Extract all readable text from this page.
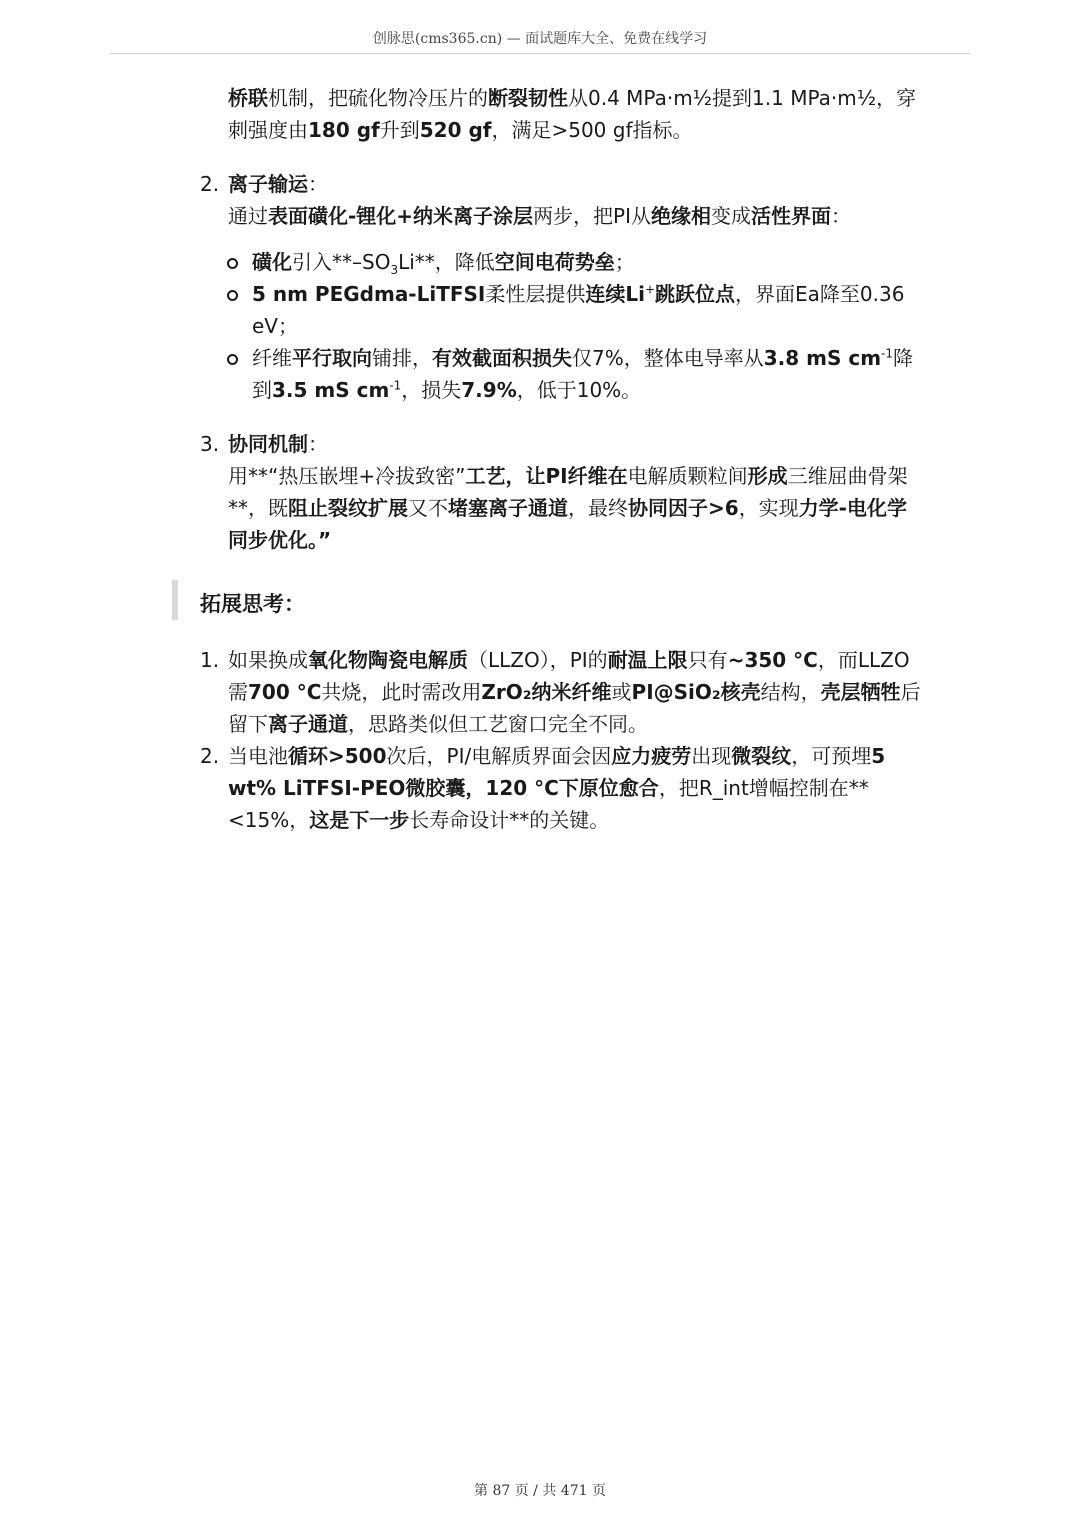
创脉思(cms365.cn) — 面试题库大全、免费在线学习

桥联机制，把硫化物冷压片的断裂韧性从0.4 MPa·m½提到1.1 MPa·m½，穿刺强度由180 gf升到520 gf，满足>500 gf指标。

2. 离子输运：
通过表面磺化-锂化+纳米离子涂层两步，把PI从绝缘相变成活性界面：
磺化引入$**-SO_3Li**$，降低空间电荷势垒；
5 nm PEGdma-LiTFSI柔性层提供连续Li+跳跃位点，界面Ea降至0.36 eV；
纤维平行取向铺排，有效截面积损失仅7%，整体电导率从3.8 mS $cm^{-1}$降到3.5 mS $cm^{-1}$，损失7.9%，低于10%。
3. 协同机制：
用**“热压嵌埋+冷拔致密”工艺，让PI纤维在电解质颗粒间形成三维屈曲骨架**，既阻止裂纹扩展又不堵塞离子通道，最终协同因子>6，实现力学-电化学同步优化。”
拓展思考：
1. 如果换成氧化物陶瓷电解质（LLZO），PI的耐温上限只有~350 °C，而LLZO需700 °C共烧，此时需改用ZrO₂纳米纤维或PI@SiO₂核壳结构，壳层牺牲后留下离子通道，思路类似但工艺窗口完全不同。
2. 当电池循环>500次后，PI/电解质界面会因应力疲劳出现微裂纹，可预埋5 wt% LiTFSI-PEO微胶囊，120 °C下原位愈合，把R_int增幅控制在**<15%，这是下一步长寿命设计**的关键。
第 87 页 / 共 471 页
